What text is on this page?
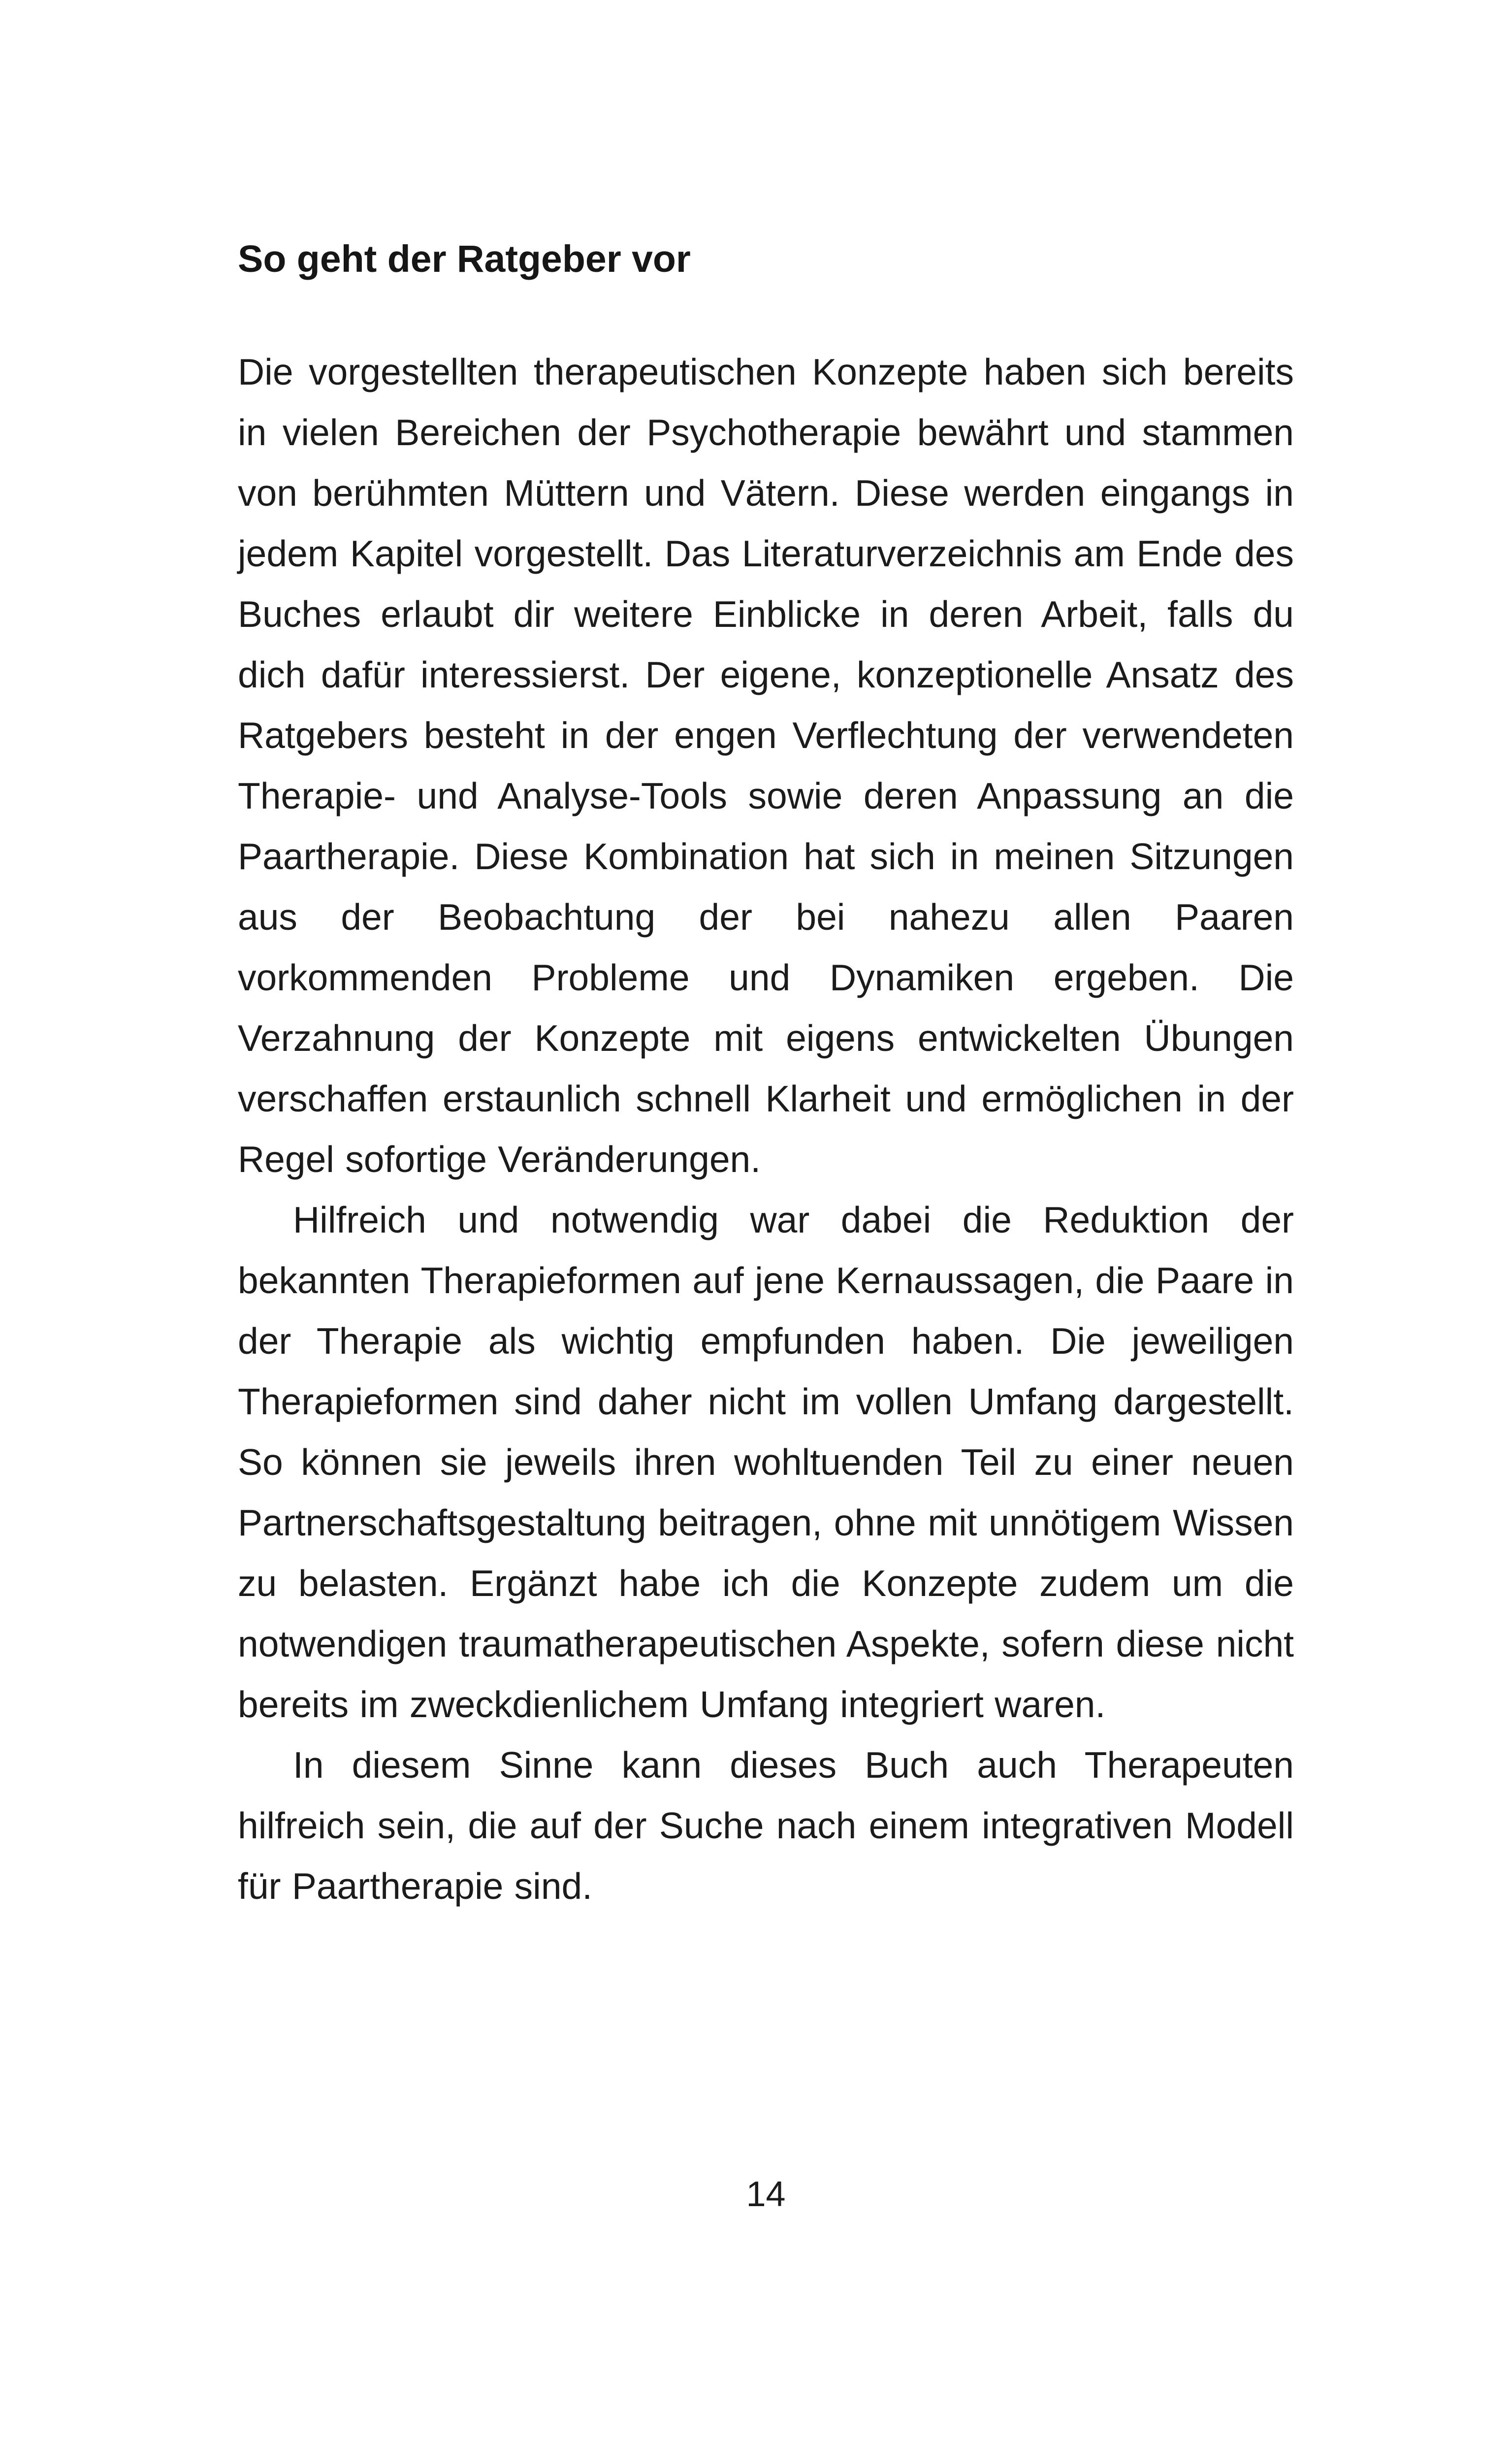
So geht der Ratgeber vor

Die vorgestellten therapeutischen Konzepte haben sich bereits in vielen Bereichen der Psychotherapie bewährt und stammen von berühmten Müttern und Vätern. Diese werden eingangs in jedem Kapitel vorgestellt. Das Literaturverzeichnis am Ende des Buches erlaubt dir weitere Einblicke in deren Arbeit, falls du dich dafür interessierst. Der eigene, konzeptionelle Ansatz des Ratgebers besteht in der engen Verflechtung der verwendeten Therapie- und Analyse-Tools sowie deren Anpassung an die Paartherapie. Diese Kombination hat sich in meinen Sitzungen aus der Beobachtung der bei nahezu allen Paaren vorkommenden Probleme und Dynamiken ergeben. Die Verzahnung der Konzepte mit eigens entwickelten Übungen verschaffen erstaunlich schnell Klarheit und ermöglichen in der Regel sofortige Veränderungen.

Hilfreich und notwendig war dabei die Reduktion der bekannten Therapieformen auf jene Kernaussagen, die Paare in der Therapie als wichtig empfunden haben. Die jeweiligen Therapieformen sind daher nicht im vollen Umfang dargestellt. So können sie jeweils ihren wohltuenden Teil zu einer neuen Partnerschaftsgestaltung beitragen, ohne mit unnötigem Wissen zu belasten. Ergänzt habe ich die Konzepte zudem um die notwendigen traumatherapeutischen Aspekte, sofern diese nicht bereits im zweckdienlichem Umfang integriert waren.

In diesem Sinne kann dieses Buch auch Therapeuten hilfreich sein, die auf der Suche nach einem integrativen Modell für Paartherapie sind.

14
